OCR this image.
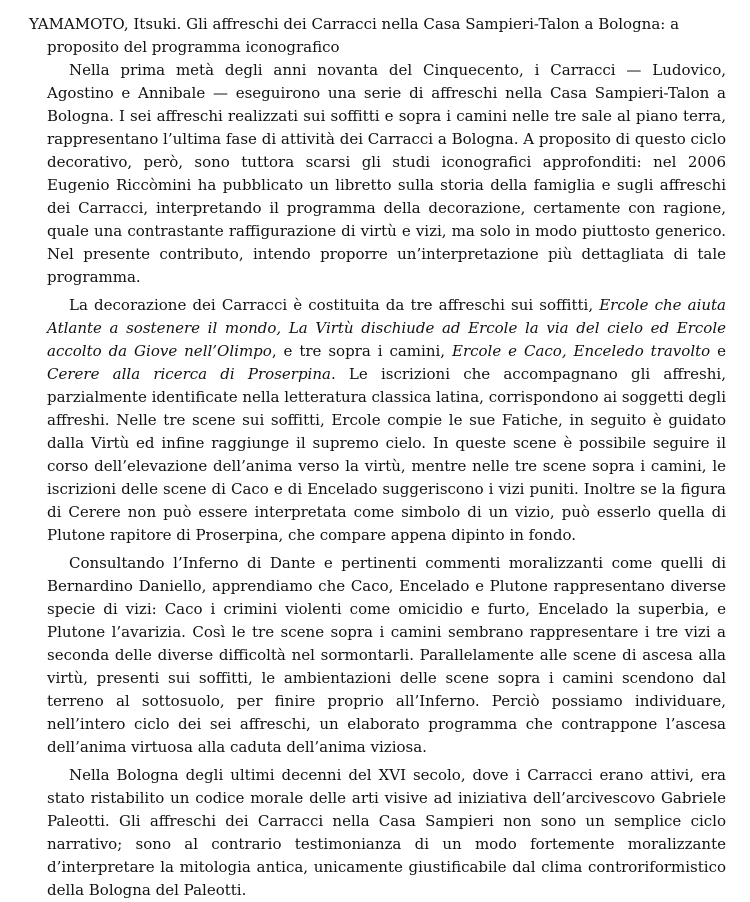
YAMAMOTO, Itsuki. Gli affreschi dei Carracci nella Casa Sampieri-Talon a Bologna: a proposito del programma iconografico

Nella prima metà degli anni novanta del Cinquecento, i Carracci — Ludovico, Agostino e Annibale — eseguirono una serie di affreschi nella Casa Sampieri-Talon a Bologna. I sei affreschi realizzati sui soffitti e sopra i camini nelle tre sale al piano terra, rappresentano l’ultima fase di attività dei Carracci a Bologna. A proposito di questo ciclo decorativo, però, sono tuttora scarsi gli studi iconografici approfonditi: nel 2006 Eugenio Riccòmini ha pubblicato un libretto sulla storia della famiglia e sugli affreschi dei Carracci, interpretando il programma della decorazione, certamente con ragione, quale una contrastante raffigurazione di virtù e vizi, ma solo in modo piuttosto generico. Nel presente contributo, intendo proporre un’interpretazione più dettagliata di tale programma.

La decorazione dei Carracci è costituita da tre affreschi sui soffitti, Ercole che aiuta Atlante a sostenere il mondo, La Virtù dischiude ad Ercole la via del cielo ed Ercole accolto da Giove nell’Olimpo, e tre sopra i camini, Ercole e Caco, Enceledo travolto e Cerere alla ricerca di Proserpina. Le iscrizioni che accompagnano gli affreshi, parzialmente identificate nella letteratura classica latina, corrispondono ai soggetti degli affreshi. Nelle tre scene sui soffitti, Ercole compie le sue Fatiche, in seguito è guidato dalla Virtù ed infine raggiunge il supremo cielo. In queste scene è possibile seguire il corso dell’elevazione dell’anima verso la virtù, mentre nelle tre scene sopra i camini, le iscrizioni delle scene di Caco e di Encelado suggeriscono i vizi puniti. Inoltre se la figura di Cerere non può essere interpretata come simbolo di un vizio, può esserlo quella di Plutone rapitore di Proserpina, che compare appena dipinto in fondo.

Consultando l’Inferno di Dante e pertinenti commenti moralizzanti come quelli di Bernardino Daniello, apprendiamo che Caco, Encelado e Plutone rappresentano diverse specie di vizi: Caco i crimini violenti come omicidio e furto, Encelado la superbia, e Plutone l’avarizia. Così le tre scene sopra i camini sembrano rappresentare i tre vizi a seconda delle diverse difficoltà nel sormontarli. Parallelamente alle scene di ascesa alla virtù, presenti sui soffitti, le ambientazioni delle scene sopra i camini scendono dal terreno al sottosuolo, per finire proprio all’Inferno. Perciò possiamo individuare, nell’intero ciclo dei sei affreschi, un elaborato programma che contrappone l’ascesa dell’anima virtuosa alla caduta dell’anima viziosa.

Nella Bologna degli ultimi decenni del XVI secolo, dove i Carracci erano attivi, era stato ristabilito un codice morale delle arti visive ad iniziativa dell’arcivescovo Gabriele Paleotti. Gli affreschi dei Carracci nella Casa Sampieri non sono un semplice ciclo narrativo; sono al contrario testimonianza di un modo fortemente moralizzante d’interpretare la mitologia antica, unicamente giustificabile dal clima controriformistico della Bologna del Paleotti.
